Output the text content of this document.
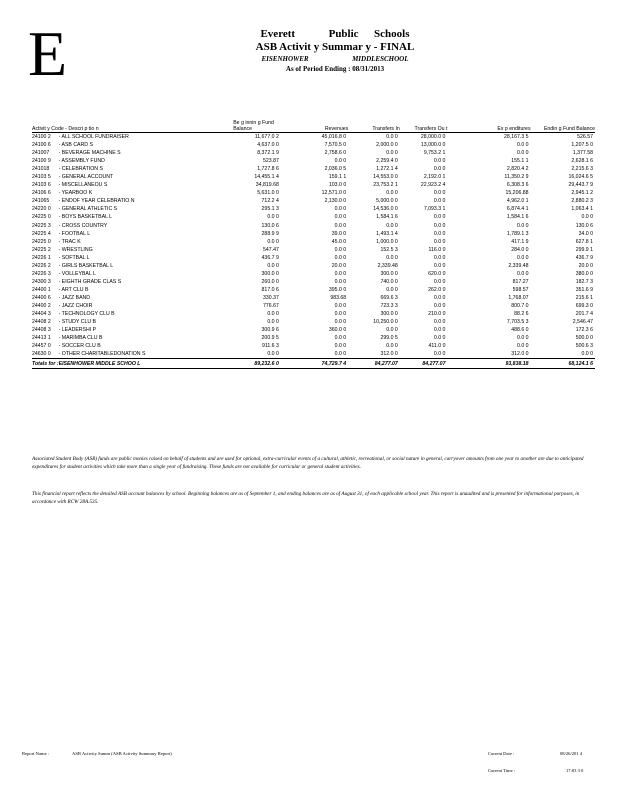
E	Everett	Public Schools
ASB Activit y Summar y - FINAL
EISENHOWER	MIDDLESCHOOL
As of Period Ending : 08/31/2013
Activit y Code - Descri p tio n		Be g innin g Fund Balance	Revenues	Transfers In	Transfers Ou t	Ex p enditures	Endin g Fund Balance
24100 2	- ALL SCHOOL FUNDRAISER	11,677.0 2	45,016.8 0	0.0 0	28,000.0 0	28,167.3 5	526.57
24100 6	- ASB CARD S	4,637.0 0	7,570.5 0	2,000.0 0	13,000.0 0	0.0 0	1,207.5 0
241007	- BEVERAGE MACHINE S	8,372.1 9	2,758.6 0	0.0 0	9,753.2 1	0.0 0	1,377.58
24100 9	- ASSEMBLY FUND	523.87	0.0 0	2,259.4 0	0.0 0	155.1 1	2,628.1 6
241018	- CELEBRATION S	1,727.8 6	2,036.0 5	1,272.1 4	0.0 0	2,820.4 2	2,215.6 3
24103 5	- GENERAL ACCOUNT	14,455.1 4	159.1 1	14,553.0 0	2,192.0 1	11,350.2 9	16,024.6 5
24103 6	- MISCELLANEOU S	34,819.68	103.0 0	23,753.2 1	22,923.2 4	6,308.3 6	29,443.7 9
24106 6	- YEARBOO K	5,631.0 0	12,571.0 0	0.0 0	0.0 0	15,206.88	2,945.1 2
241065	- ENDOF YEAR CELEBRATIO N	712.2 4	2,130.0 0	5,000.0 0	0.0 0	4,962.0 1	2,880.2 3
24220 0	- GENERAL ATHLETIC S	295.1 3	0.0 0	14,536.0 0	7,093.3 1	6,874.4 1	1,063.4 1
24225 0	- BOYS BASKETBAL L	0.0 0	0.0 0	1,584.1 6	0.0 0	1,584.1 6	0.0 0
24225 3	- CROSS COUNTRY	130.0 6	0.0 0	0.0 0	0.0 0	0.0 0	130.0 6
24225 4	- FOOTBAL L	288.9 9	39.0 0	1,493.1 4	0.0 0	1,789.1 3	34.0 0
24225 0	- TRAC K	0.0 0	45.0 0	1,000.0 0	0.0 0	417.1 9	627.8 1
24225 2	- WRESTLING	547.47	0.0 0	152.5 3	116.0 0	284.0 0	299.9 1
24226 1	- SOFTBAL L	436.7 9	0.0 0	0.0 0	0.0 0	0.0 0	436.7 9
24226 2	- GIRLS BASKETBAL L	0.0 0	20.0 0	2,339.48	0.0 0	2,339.48	20.0 0
24226 3	- VOLLEYBAL L	300.0 0	0.0 0	300.0 0	620.0 0	0.0 0	380.0 0
24300 3	- EIGHTH GRADE CLAS S	260.0 0	0.0 0	740.0 0	0.0 0	817.27	182.7 3
24400 1	- ART CLU B	817.0 6	395.0 0	0.0 0	262.0 0	598.57	351.6 9
24400 6	- JAZZ BAND	330.37	983.68	669.6 3	0.0 0	1,768.07	215.6 1
24400 2	- JAZZ CHOIR	776.67	0.0 0	723.3 3	0.0 0	800.7 0	699.3 0
24404 3	- TECHNOLOGY CLU B	0.0 0	0.0 0	300.0 0	210.0 0	88.2 6	201.7 4
24408 2	- STUDY CLU B	0.0 0	0.0 0	10,250.0 0	0.0 0	7,703.5 3	2,546.47
24408 3	- LEADERSHI P	300.9 6	360.0 0	0.0 0	0.0 0	488.6 0	172.3 6
24413 1	- MARIMBA CLU B	200.9 5	0.0 0	299.0 5	0.0 0	0.0 0	500.0 0
24457 0	- SOCCER CLU B	911.6 3	0.0 0	0.0 0	411.0 0	0.0 0	500.6 3
24630 0	- OTHER CHARITABLEDONATION S	0.0 0	0.0 0	312.0 0	0.0 0	312.0 0	0.0 0
Totals for :	EISENHOWER MIDDLE SCHOO L	89,232.6 0	74,729.7 4	84,277.07	84,277.07	93,838.18	68,124.1 6
Associated Student Body (ASB) funds are public monies raised on behalf of students and are used for optional, extra-curricular events of a cultural, athletic, recreational, or social nature in general, carryover amounts from one year to another are due to anticipated expenditures for student activities which take more than a single year of fundraising. These funds are not available for curricular or general student activities.
This financial report reflects the detailed ASB account balances by school. Beginning balances are as of September 1, and ending balances are as of August 31, of each applicable school year. This report is unaudited and is presented for informational purposes, in accordance with RCW 28A.535.
Report Name :	ASB Activity Summ (ASB Activity Summary Report)	Current Date :	08/26/201 4
Current Time :	17:03 3 0
